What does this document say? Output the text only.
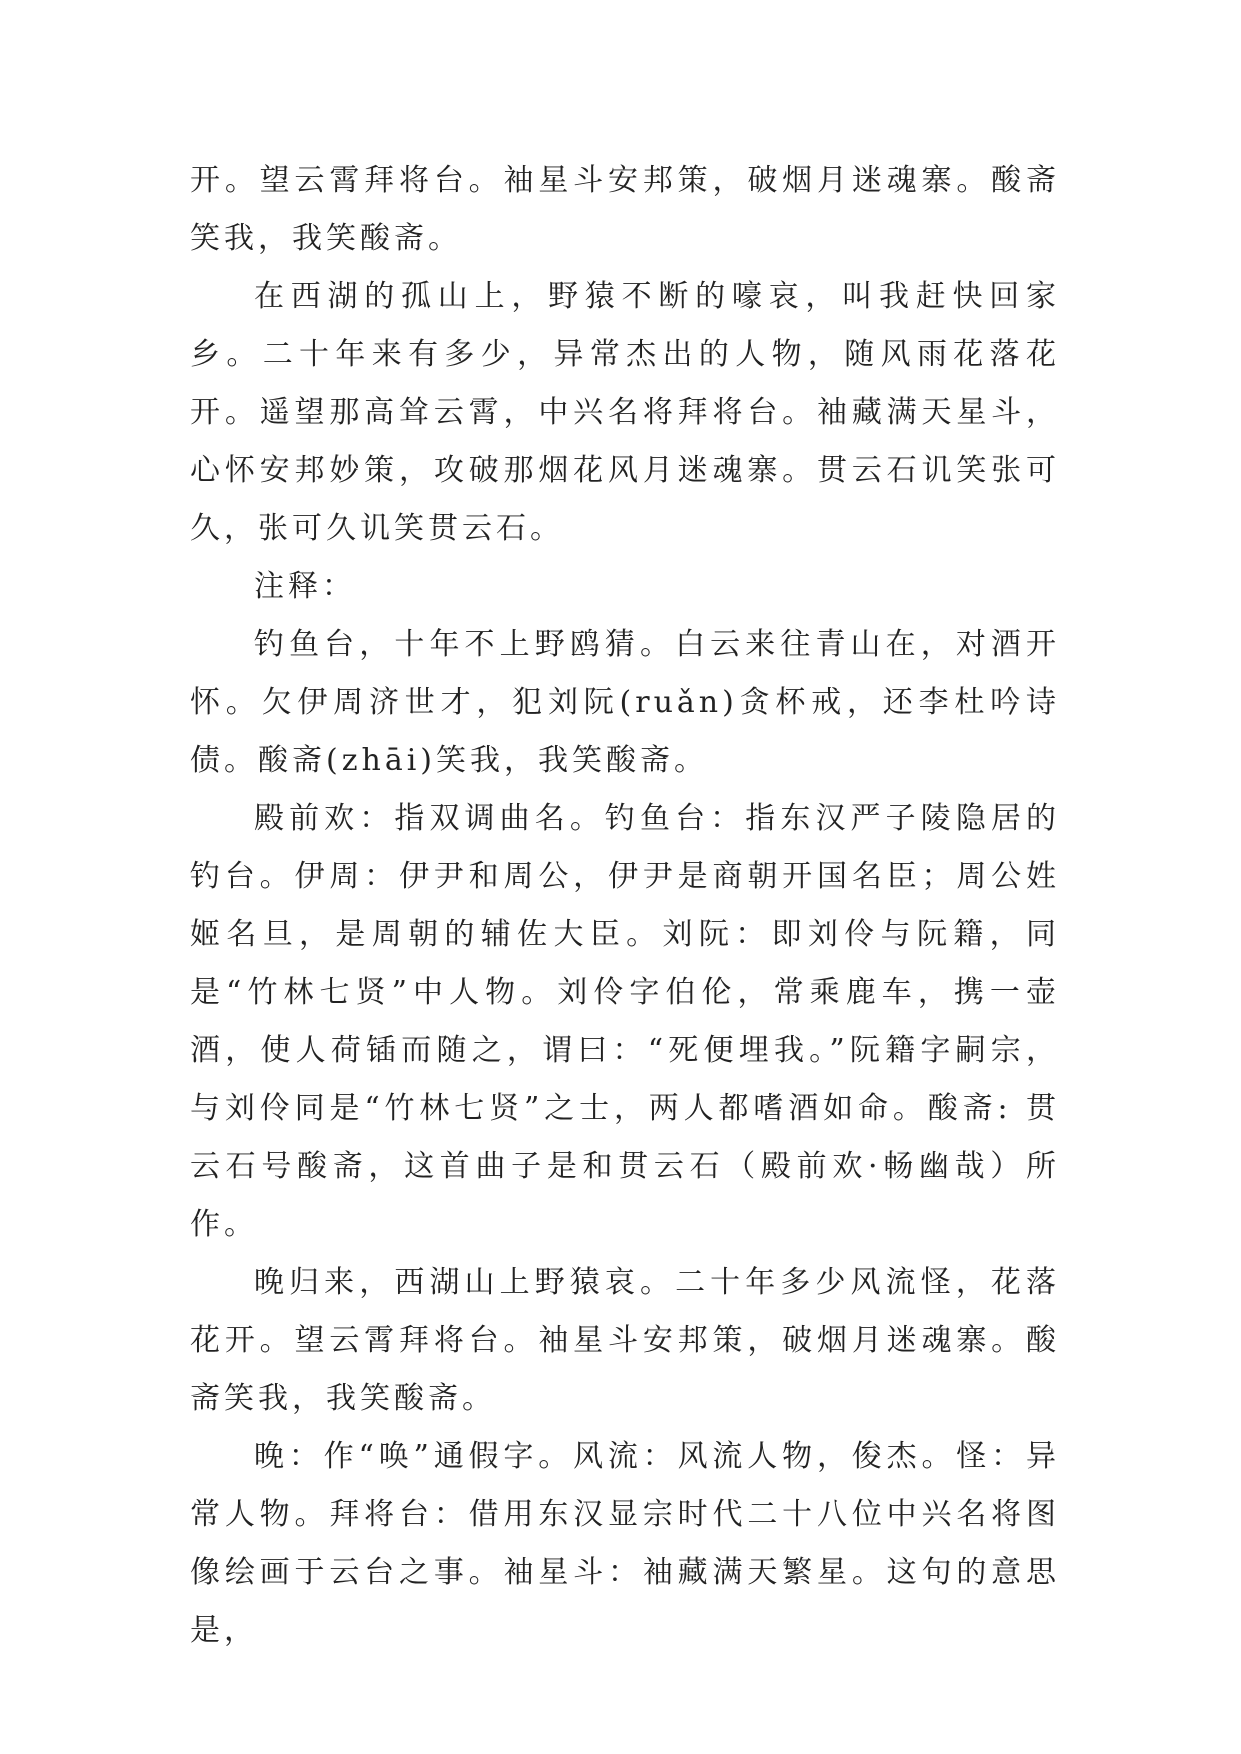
开。望云霄拜将台。袖星斗安邦策，破烟月迷魂寨。酸斋笑我，我笑酸斋。

在西湖的孤山上，野猿不断的嚎哀，叫我赶快回家乡。二十年来有多少，异常杰出的人物，随风雨花落花开。遥望那高耸云霄，中兴名将拜将台。袖藏满天星斗，心怀安邦妙策，攻破那烟花风月迷魂寨。贯云石讥笑张可久，张可久讥笑贯云石。

注释：

钓鱼台，十年不上野鸥猜。白云来往青山在，对酒开怀。欠伊周济世才，犯刘阮(ruǎn)贪杯戒，还李杜吟诗债。酸斋(zhāi)笑我，我笑酸斋。

殿前欢：指双调曲名。钓鱼台：指东汉严子陵隐居的钓台。伊周：伊尹和周公，伊尹是商朝开国名臣；周公姓姬名旦，是周朝的辅佐大臣。刘阮：即刘伶与阮籍，同是“竹林七贤”中人物。刘伶字伯伦，常乘鹿车，携一壶酒，使人荷锸而随之，谓曰：“死便埋我。”阮籍字嗣宗，与刘伶同是“竹林七贤”之士，两人都嗜酒如命。酸斋: 贯云石号酸斋，这首曲子是和贯云石（殿前欢·畅幽哉）所作。

晚归来，西湖山上野猿哀。二十年多少风流怪，花落花开。望云霄拜将台。袖星斗安邦策，破烟月迷魂寨。酸斋笑我，我笑酸斋。

晚：作“唤”通假字。风流：风流人物，俊杰。怪：异常人物。拜将台：借用东汉显宗时代二十八位中兴名将图像绘画于云台之事。袖星斗：袖藏满天繁星。这句的意思是，
